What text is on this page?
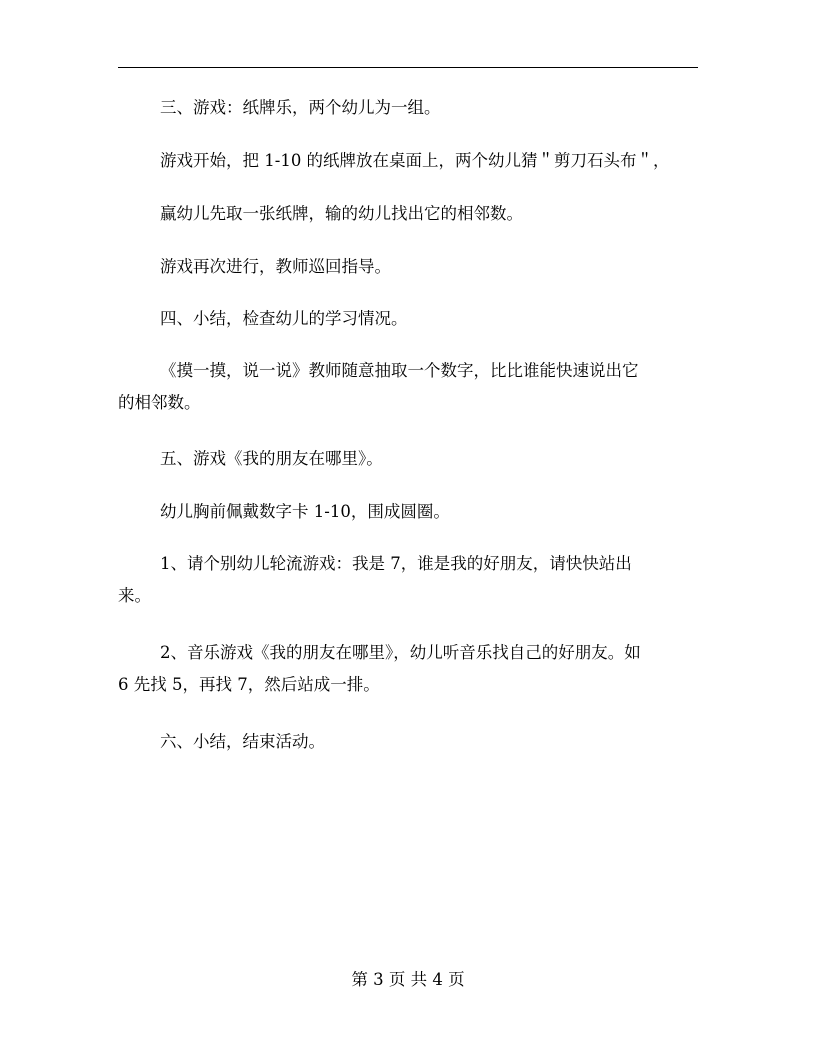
三、游戏：纸牌乐，两个幼儿为一组。

游戏开始，把 1-10 的纸牌放在桌面上，两个幼儿猜＂剪刀石头布＂，

赢幼儿先取一张纸牌，输的幼儿找出它的相邻数。

游戏再次进行，教师巡回指导。

四、小结，检查幼儿的学习情况。

《摸一摸，说一说》教师随意抽取一个数字，比比谁能快速说出它
的相邻数。

五、游戏《我的朋友在哪里》。

幼儿胸前佩戴数字卡 1-10，围成圆圈。

1、请个别幼儿轮流游戏：我是 7，谁是我的好朋友，请快快站出
来。

2、音乐游戏《我的朋友在哪里》，幼儿听音乐找自己的好朋友。如
6 先找 5，再找 7，然后站成一排。

六、小结，结束活动。

第 3 页 共 4 页
